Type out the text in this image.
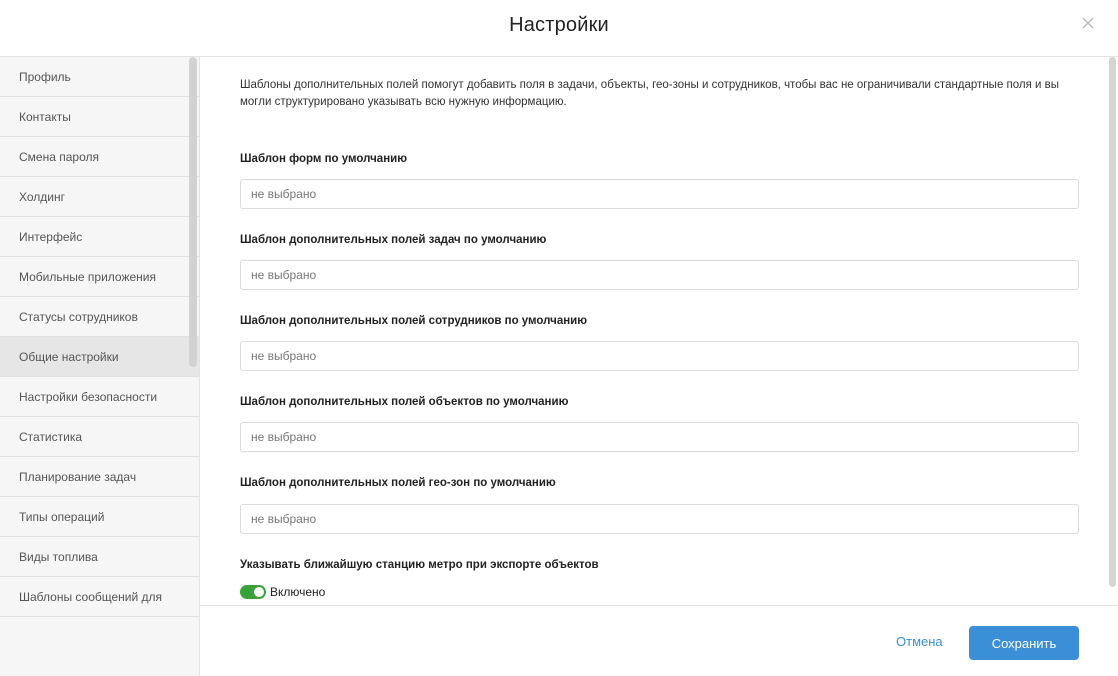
Настройки
Профиль
Контакты
Смена пароля
Холдинг
Интерфейс
Мобильные приложения
Статусы сотрудников
Общие настройки
Настройки безопасности
Статистика
Планирование задач
Типы операций
Виды топлива
Шаблоны сообщений для
Шаблоны дополнительных полей помогут добавить поля в задачи, объекты, гео-зоны и сотрудников, чтобы вас не ограничивали стандартные поля и вы могли структурировано указывать всю нужную информацию.
Шаблон форм по умолчанию
не выбрано
Шаблон дополнительных полей задач по умолчанию
не выбрано
Шаблон дополнительных полей сотрудников по умолчанию
не выбрано
Шаблон дополнительных полей объектов по умолчанию
не выбрано
Шаблон дополнительных полей гео-зон по умолчанию
не выбрано
Указывать ближайшую станцию метро при экспорте объектов
Включено
Отмена	Сохранить
